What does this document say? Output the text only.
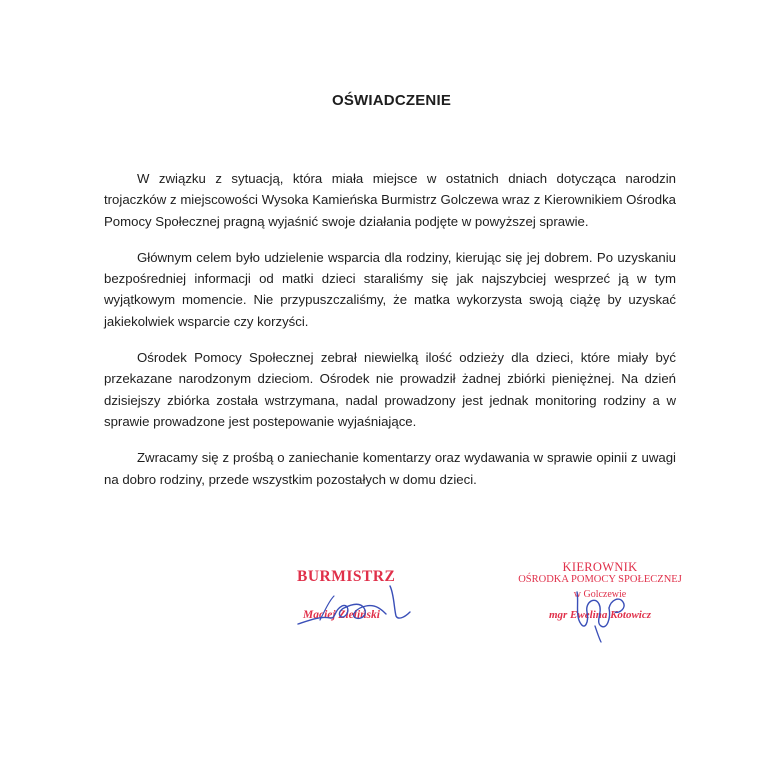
OŚWIADCZENIE

W związku z sytuacją, która miała miejsce w ostatnich dniach dotycząca narodzin trojaczków z miejscowości Wysoka Kamieńska Burmistrz Golczewa wraz z Kierownikiem Ośrodka Pomocy Społecznej pragną wyjaśnić swoje działania podjęte w powyższej sprawie.

Głównym celem było udzielenie wsparcia dla rodziny, kierując się jej dobrem. Po uzyskaniu bezpośredniej informacji od matki dzieci staraliśmy się jak najszybciej wesprzeć ją w tym wyjątkowym momencie. Nie przypuszczaliśmy, że matka wykorzysta swoją ciążę by uzyskać jakiekolwiek wsparcie czy korzyści.

Ośrodek Pomocy Społecznej zebrał niewielką ilość odzieży dla dzieci, które miały być przekazane narodzonym dzieciom. Ośrodek nie prowadził żadnej zbiórki pieniężnej. Na dzień dzisiejszy zbiórka została wstrzymana, nadal prowadzony jest jednak monitoring rodziny a w sprawie prowadzone jest postepowanie wyjaśniające.

Zwracamy się z prośbą o zaniechanie komentarzy oraz wydawania w sprawie opinii z uwagi na dobro rodziny, przede wszystkim pozostałych w domu dzieci.

BURMISTRZ
Maciej Zieliński
KIEROWNIK
OŚRODKA POMOCY SPOŁECZNEJ
w Golczewie
mgr Ewelina Kotowicz
